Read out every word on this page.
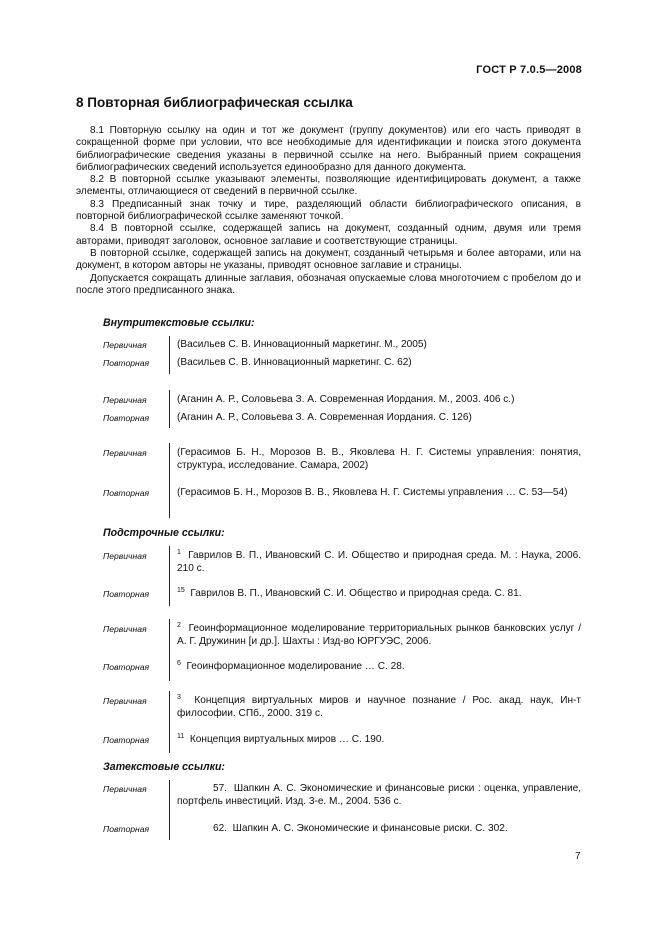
ГОСТ Р 7.0.5—2008
8 Повторная библиографическая ссылка

8.1 Повторную ссылку на один и тот же документ (группу документов) или его часть приводят в сокращенной форме при условии, что все необходимые для идентификации и поиска этого документа библиографические сведения указаны в первичной ссылке на него. Выбранный прием сокращения библиографических сведений используется единообразно для данного документа.

8.2 В повторной ссылке указывают элементы, позволяющие идентифицировать документ, а также элементы, отличающиеся от сведений в первичной ссылке.

8.3 Предписанный знак точку и тире, разделяющий области библиографического описания, в повторной библиографической ссылке заменяют точкой.

8.4 В повторной ссылке, содержащей запись на документ, созданный одним, двумя или тремя авторами, приводят заголовок, основное заглавие и соответствующие страницы.

В повторной ссылке, содержащей запись на документ, созданный четырьмя и более авторами, или на документ, в котором авторы не указаны, приводят основное заглавие и страницы.

Допускается сокращать длинные заглавия, обозначая опускаемые слова многоточием с пробелом до и после этого предписанного знака.

Внутритекстовые ссылки:
Первичная	(Васильев С. В. Инновационный маркетинг. М., 2005)
Повторная	(Васильев С. В. Инновационный маркетинг. С. 62)
Первичная	(Аганин А. Р., Соловьева З. А. Современная Иордания. М., 2003. 406 с.)
Повторная	(Аганин А. Р., Соловьева З. А. Современная Иордания. С. 126)
Первичная	(Герасимов Б. Н., Морозов В. В., Яковлева Н. Г. Системы управления: понятия, структура, исследование. Самара, 2002)
Повторная	(Герасимов Б. Н., Морозов В. В., Яковлева Н. Г. Системы управления … С. 53—54)
Подстрочные ссылки:
Первичная	$^1$ Гаврилов В. П., Ивановский С. И. Общество и природная среда. М. : Наука, 2006. 210 с.
Повторная	$^{15}$ Гаврилов В. П., Ивановский С. И. Общество и природная среда. С. 81.
Первичная	$^2$ Геоинформационное моделирование территориальных рынков банковских услуг / А. Г. Дружинин [и др.]. Шахты : Изд-во ЮРГУЭС, 2006.
Повторная	$^6$ Геоинформационное моделирование … С. 28.
Первичная	$^3$ Концепция виртуальных миров и научное познание / Рос. акад. наук, Ин-т философии. СПб., 2000. 319 с.
Повторная	$^{11}$ Концепция виртуальных миров … С. 190.
Затекстовые ссылки:
Первичная	57. Шапкин А. С. Экономические и финансовые риски : оценка, управление, портфель инвестиций. Изд. 3-е. М., 2004. 536 с.
Повторная	62. Шапкин А. С. Экономические и финансовые риски. С. 302.
7
